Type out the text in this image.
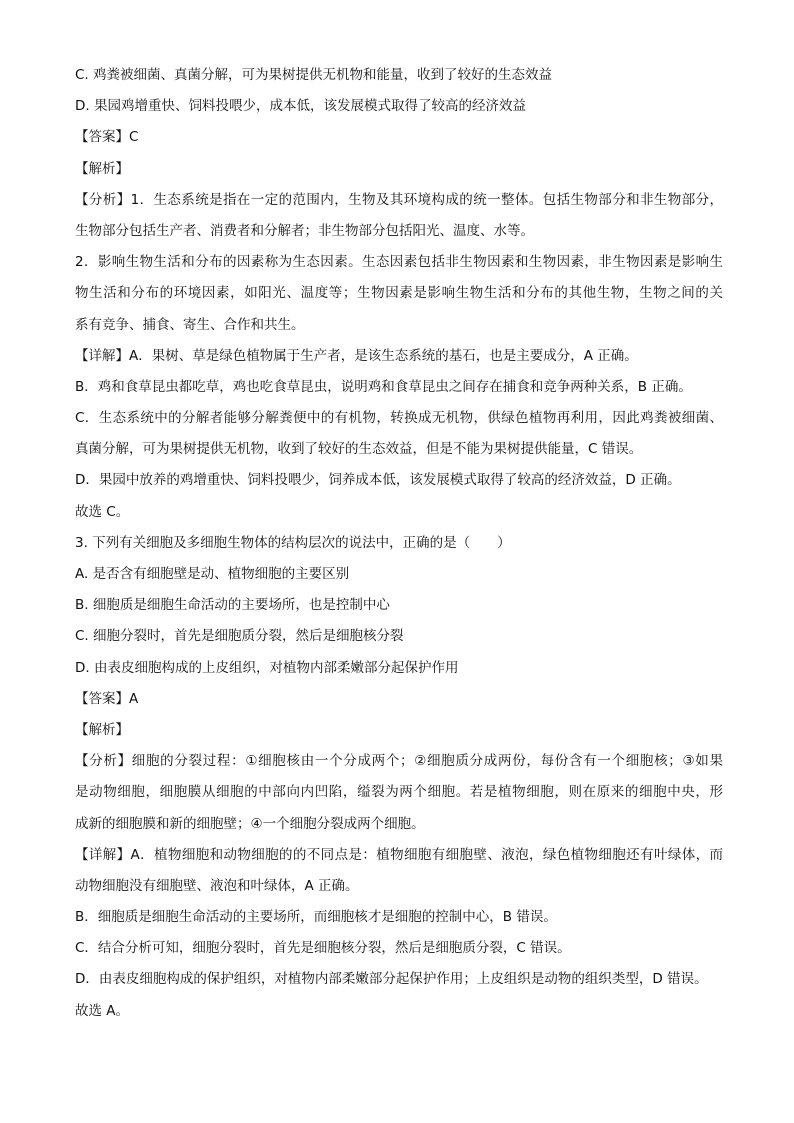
C. 鸡粪被细菌、真菌分解，可为果树提供无机物和能量，收到了较好的生态效益
D. 果园鸡增重快、饲料投喂少，成本低，该发展模式取得了较高的经济效益
【答案】C
【解析】
【分析】1．生态系统是指在一定的范围内，生物及其环境构成的统一整体。包括生物部分和非生物部分，
生物部分包括生产者、消费者和分解者；非生物部分包括阳光、温度、水等。
2．影响生物生活和分布的因素称为生态因素。生态因素包括非生物因素和生物因素，非生物因素是影响生
物生活和分布的环境因素，如阳光、温度等；生物因素是影响生物生活和分布的其他生物，生物之间的关
系有竞争、捕食、寄生、合作和共生。
【详解】A．果树、草是绿色植物属于生产者，是该生态系统的基石，也是主要成分，A 正确。
B．鸡和食草昆虫都吃草，鸡也吃食草昆虫，说明鸡和食草昆虫之间存在捕食和竞争两种关系，B 正确。
C．生态系统中的分解者能够分解粪便中的有机物，转换成无机物，供绿色植物再利用，因此鸡粪被细菌、
真菌分解，可为果树提供无机物，收到了较好的生态效益，但是不能为果树提供能量，C 错误。
D．果园中放养的鸡增重快、饲料投喂少，饲养成本低，该发展模式取得了较高的经济效益，D 正确。
故选 C。
3. 下列有关细胞及多细胞生物体的结构层次的说法中，正确的是（　　）
A. 是否含有细胞壁是动、植物细胞的主要区别
B. 细胞质是细胞生命活动的主要场所，也是控制中心
C. 细胞分裂时，首先是细胞质分裂，然后是细胞核分裂
D. 由表皮细胞构成的上皮组织，对植物内部柔嫩部分起保护作用
【答案】A
【解析】
【分析】细胞的分裂过程：①细胞核由一个分成两个；②细胞质分成两份，每份含有一个细胞核；③如果
是动物细胞，细胞膜从细胞的中部向内凹陷，缢裂为两个细胞。若是植物细胞，则在原来的细胞中央，形
成新的细胞膜和新的细胞壁；④一个细胞分裂成两个细胞。
【详解】A．植物细胞和动物细胞的的不同点是：植物细胞有细胞壁、液泡，绿色植物细胞还有叶绿体，而
动物细胞没有细胞壁、液泡和叶绿体，A 正确。
B．细胞质是细胞生命活动的主要场所，而细胞核才是细胞的控制中心，B 错误。
C．结合分析可知，细胞分裂时，首先是细胞核分裂，然后是细胞质分裂，C 错误。
D．由表皮细胞构成的保护组织，对植物内部柔嫩部分起保护作用；上皮组织是动物的组织类型，D 错误。
故选 A。
